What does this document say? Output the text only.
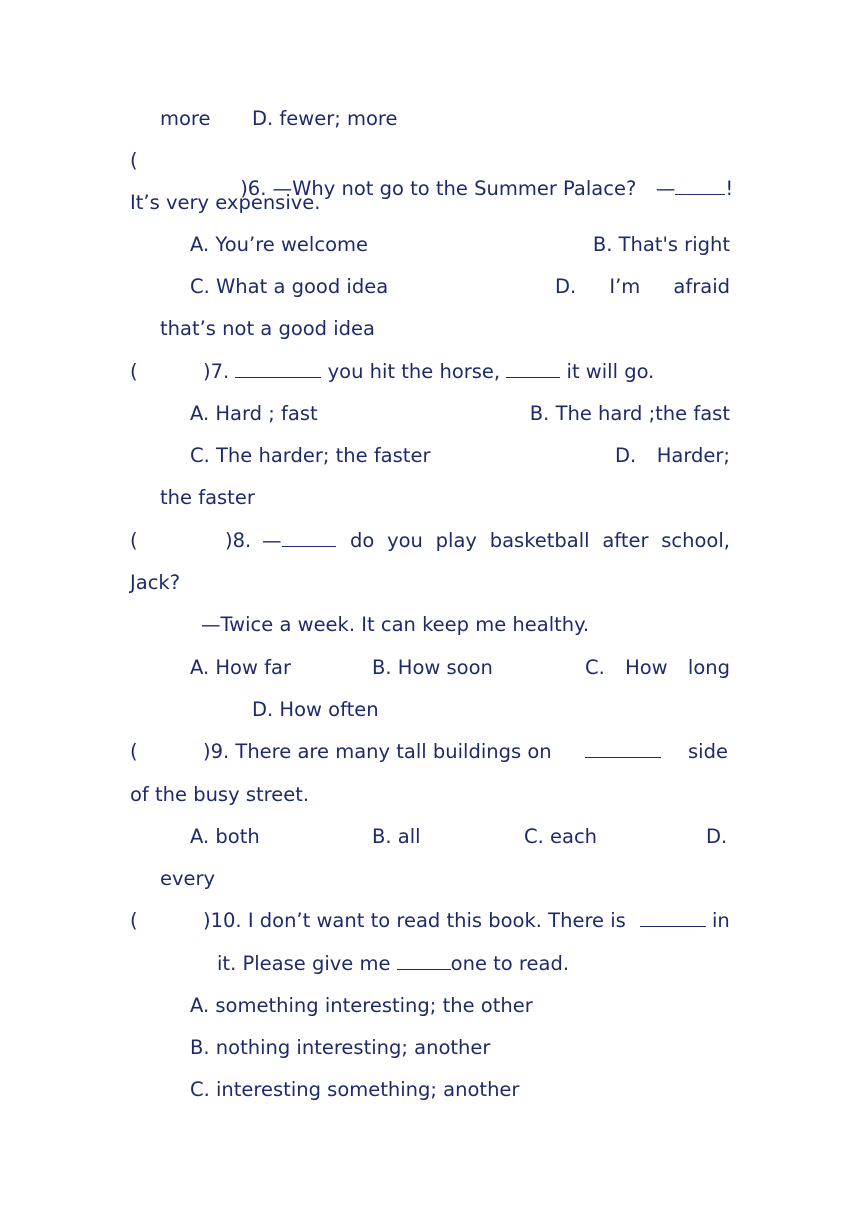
more D. fewer; more
(

)6. —Why not go to the Summer Palace?　—	!

It’s very expensive.
A. You’re welcome	B. That's right
C. What a good idea	D. I’m afraid
that’s not a good idea
(	)7.	you hit the horse,	it will go.
A. Hard ; fast	B. The hard ;the fast
C. The harder; the faster	D. Harder;
the faster
(	)8. —	do you play basketball after school,
Jack?
—Twice a week. It can keep me healthy.
A. How far	B. How soon	C. How long
D. How often
(	)9. There are many tall buildings on	side
of the busy street.
A. both	B. all	C. each	D.
every
(	)10. I don’t want to read this book. There is	in
it. Please give me	one to read.
A. something interesting; the other
B. nothing interesting; another
C. interesting something; another
